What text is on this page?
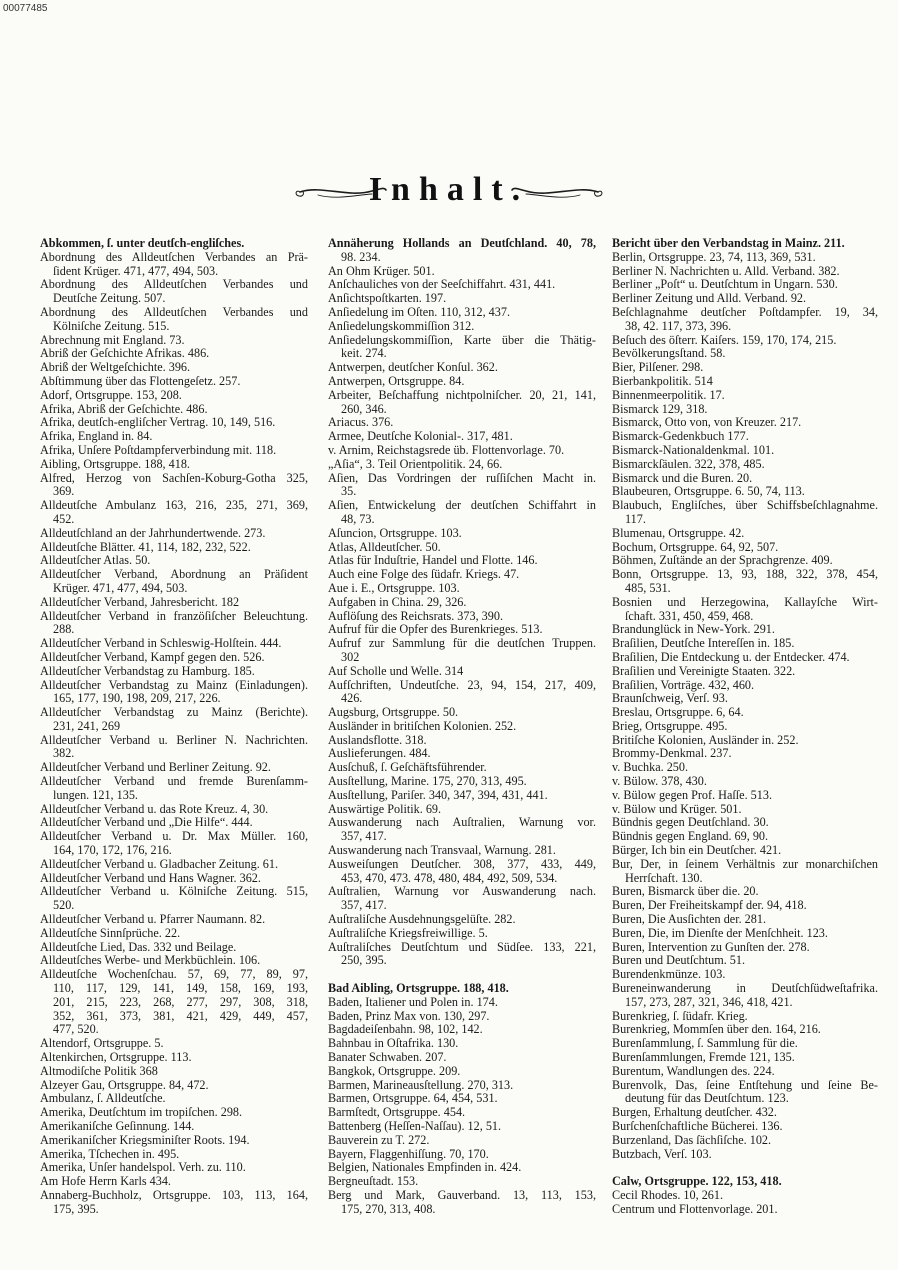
00077485
Inhalt.
Abkommen, ſ. unter deutſch-engliſches.
Abordnung des Alldeutſchen Verbandes an Prä-
ſident Krüger. 471, 477, 494, 503.
Abordnung des Alldeutſchen Verbandes und
Deutſche Zeitung. 507.
Abordnung des Alldeutſchen Verbandes und
Kölniſche Zeitung. 515.
Abrechnung mit England. 73.
Abriß der Geſchichte Afrikas. 486.
Abriß der Weltgeſchichte. 396.
Abſtimmung über das Flottengeſetz. 257.
Adorf, Ortsgruppe. 153, 208.
Afrika, Abriß der Geſchichte. 486.
Afrika, deutſch-engliſcher Vertrag. 10, 149, 516.
Afrika, England in. 84.
Afrika, Unſere Poſtdampferverbindung mit. 118.
Aibling, Ortsgruppe. 188, 418.
Alfred, Herzog von Sachſen-Koburg-Gotha 325,
369.
Alldeutſche Ambulanz 163, 216, 235, 271, 369,
452.
Alldeutſchland an der Jahrhundertwende. 273.
Alldeutſche Blätter. 41, 114, 182, 232, 522.
Alldeutſcher Atlas. 50.
Alldeutſcher Verband, Abordnung an Präſident
Krüger. 471, 477, 494, 503.
Alldeutſcher Verband, Jahresbericht. 182
Alldeutſcher Verband in franzöſiſcher Beleuchtung.
288.
Alldeutſcher Verband in Schleswig-Holſtein. 444.
Alldeutſcher Verband, Kampf gegen den. 526.
Alldeutſcher Verbandstag zu Hamburg. 185.
Alldeutſcher Verbandstag zu Mainz (Einladungen).
165, 177, 190, 198, 209, 217, 226.
Alldeutſcher Verbandstag zu Mainz (Berichte).
231, 241, 269
Alldeutſcher Verband u. Berliner N. Nachrichten.
382.
Alldeutſcher Verband und Berliner Zeitung. 92.
Alldeutſcher Verband und fremde Burenſamm-
lungen. 121, 135.
Alldeutſcher Verband u. das Rote Kreuz. 4, 30.
Alldeutſcher Verband und „Die Hilfe“. 444.
Alldeutſcher Verband u. Dr. Max Müller. 160,
164, 170, 172, 176, 216.
Alldeutſcher Verband u. Gladbacher Zeitung. 61.
Alldeutſcher Verband und Hans Wagner. 362.
Alldeutſcher Verband u. Kölniſche Zeitung. 515,
520.
Alldeutſcher Verband u. Pfarrer Naumann. 82.
Alldeutſche Sinnſprüche. 22.
Alldeutſche Lied, Das. 332 und Beilage.
Alldeutſches Werbe- und Merkbüchlein. 106.
Alldeutſche Wochenſchau. 57, 69, 77, 89, 97,
110, 117, 129, 141, 149, 158, 169, 193,
201, 215, 223, 268, 277, 297, 308, 318,
352, 361, 373, 381, 421, 429, 449, 457,
477, 520.
Altendorf, Ortsgruppe. 5.
Altenkirchen, Ortsgruppe. 113.
Altmodiſche Politik 368
Alzeyer Gau, Ortsgruppe. 84, 472.
Ambulanz, ſ. Alldeutſche.
Amerika, Deutſchtum im tropiſchen. 298.
Amerikaniſche Geſinnung. 144.
Amerikaniſcher Kriegsminiſter Roots. 194.
Amerika, Tſchechen in. 495.
Amerika, Unſer handelspol. Verh. zu. 110.
Am Hofe Herrn Karls 434.
Annaberg-Buchholz, Ortsgruppe. 103, 113, 164,
175, 395.
Annäherung Hollands an Deutſchland. 40, 78,
98. 234.
An Ohm Krüger. 501.
Anſchauliches von der Seeſchiffahrt. 431, 441.
Anſichtspoſtkarten. 197.
Anſiedelung im Oſten. 110, 312, 437.
Anſiedelungskommiſſion 312.
Anſiedelungskommiſſion, Karte über die Thätig-
keit. 274.
Antwerpen, deutſcher Konſul. 362.
Antwerpen, Ortsgruppe. 84.
Arbeiter, Beſchaffung nichtpolniſcher. 20, 21, 141,
260, 346.
Ariacus. 376.
Armee, Deutſche Kolonial-. 317, 481.
v. Arnim, Reichstagsrede üb. Flottenvorlage. 70.
„Aſia“, 3. Teil Orientpolitik. 24, 66.
Aſien, Das Vordringen der ruſſiſchen Macht in.
35.
Aſien, Entwickelung der deutſchen Schiffahrt in
48, 73.
Aſuncion, Ortsgruppe. 103.
Atlas, Alldeutſcher. 50.
Atlas für Induſtrie, Handel und Flotte. 146.
Auch eine Folge des ſüdafr. Kriegs. 47.
Aue i. E., Ortsgruppe. 103.
Aufgaben in China. 29, 326.
Auflöſung des Reichsrats. 373, 390.
Aufruf für die Opfer des Burenkrieges. 513.
Aufruf zur Sammlung für die deutſchen Truppen.
302
Auf Scholle und Welle. 314
Aufſchriften, Undeutſche. 23, 94, 154, 217, 409,
426.
Augsburg, Ortsgruppe. 50.
Ausländer in britiſchen Kolonien. 252.
Auslandsflotte. 318.
Auslieferungen. 484.
Ausſchuß, ſ. Geſchäftsführender.
Ausſtellung, Marine. 175, 270, 313, 495.
Ausſtellung, Pariſer. 340, 347, 394, 431, 441.
Auswärtige Politik. 69.
Auswanderung nach Auſtralien, Warnung vor.
357, 417.
Auswanderung nach Transvaal, Warnung. 281.
Ausweiſungen Deutſcher. 308, 377, 433, 449,
453, 470, 473. 478, 480, 484, 492, 509, 534.
Auſtralien, Warnung vor Auswanderung nach.
357, 417.
Auſtraliſche Ausdehnungsgelüſte. 282.
Auſtraliſche Kriegsfreiwillige. 5.
Auſtraliſches Deutſchtum und Südſee. 133, 221,
250, 395.
Bad Aibling, Ortsgruppe. 188, 418.
Baden, Italiener und Polen in. 174.
Baden, Prinz Max von. 130, 297.
Bagdadeiſenbahn. 98, 102, 142.
Bahnbau in Oſtafrika. 130.
Banater Schwaben. 207.
Bangkok, Ortsgruppe. 209.
Barmen, Marineausſtellung. 270, 313.
Barmen, Ortsgruppe. 64, 454, 531.
Barmſtedt, Ortsgruppe. 454.
Battenberg (Heſſen-Naſſau). 12, 51.
Bauverein zu T. 272.
Bayern, Flaggenhiſſung. 70, 170.
Belgien, Nationales Empfinden in. 424.
Bergneuſtadt. 153.
Berg und Mark, Gauverband. 13, 113, 153,
175, 270, 313, 408.
Bericht über den Verbandstag in Mainz. 211.
Berlin, Ortsgruppe. 23, 74, 113, 369, 531.
Berliner N. Nachrichten u. Alld. Verband. 382.
Berliner „Poſt“ u. Deutſchtum in Ungarn. 530.
Berliner Zeitung und Alld. Verband. 92.
Beſchlagnahme deutſcher Poſtdampfer. 19, 34,
38, 42. 117, 373, 396.
Beſuch des öſterr. Kaiſers. 159, 170, 174, 215.
Bevölkerungsſtand. 58.
Bier, Pilſener. 298.
Bierbankpolitik. 514
Binnenmeerpolitik. 17.
Bismarck 129, 318.
Bismarck, Otto von, von Kreuzer. 217.
Bismarck-Gedenkbuch 177.
Bismarck-Nationaldenkmal. 101.
Bismarckſäulen. 322, 378, 485.
Bismarck und die Buren. 20.
Blaubeuren, Ortsgruppe. 6. 50, 74, 113.
Blaubuch, Engliſches, über Schiffsbeſchlagnahme.
117.
Blumenau, Ortsgruppe. 42.
Bochum, Ortsgruppe. 64, 92, 507.
Böhmen, Zuſtände an der Sprachgrenze. 409.
Bonn, Ortsgruppe. 13, 93, 188, 322, 378, 454,
485, 531.
Bosnien und Herzegowina, Kallayſche Wirt-
ſchaft. 331, 450, 459, 468.
Brandunglück in New-York. 291.
Braſilien, Deutſche Intereſſen in. 185.
Braſilien, Die Entdeckung u. der Entdecker. 474.
Braſilien und Vereinigte Staaten. 322.
Braſilien, Vorträge. 432, 460.
Braunſchweig, Verſ. 93.
Breslau, Ortsgruppe. 6, 64.
Brieg, Ortsgruppe. 495.
Britiſche Kolonien, Ausländer in. 252.
Brommy-Denkmal. 237.
v. Buchka. 250.
v. Bülow. 378, 430.
v. Bülow gegen Prof. Haſſe. 513.
v. Bülow und Krüger. 501.
Bündnis gegen Deutſchland. 30.
Bündnis gegen England. 69, 90.
Bürger, Ich bin ein Deutſcher. 421.
Bur, Der, in ſeinem Verhältnis zur monarchiſchen
Herrſchaft. 130.
Buren, Bismarck über die. 20.
Buren, Der Freiheitskampf der. 94, 418.
Buren, Die Ausſichten der. 281.
Buren, Die, im Dienſte der Menſchheit. 123.
Buren, Intervention zu Gunſten der. 278.
Buren und Deutſchtum. 51.
Burendenkmünze. 103.
Bureneinwanderung in Deutſchſüdweſtafrika.
157, 273, 287, 321, 346, 418, 421.
Burenkrieg, ſ. ſüdafr. Krieg.
Burenkrieg, Mommſen über den. 164, 216.
Burenſammlung, ſ. Sammlung für die.
Burenſammlungen, Fremde 121, 135.
Burentum, Wandlungen des. 224.
Burenvolk, Das, ſeine Entſtehung und ſeine Be-
deutung für das Deutſchtum. 123.
Burgen, Erhaltung deutſcher. 432.
Burſchenſchaftliche Bücherei. 136.
Burzenland, Das ſächſiſche. 102.
Butzbach, Verſ. 103.
Calw, Ortsgruppe. 122, 153, 418.
Cecil Rhodes. 10, 261.
Centrum und Flottenvorlage. 201.
